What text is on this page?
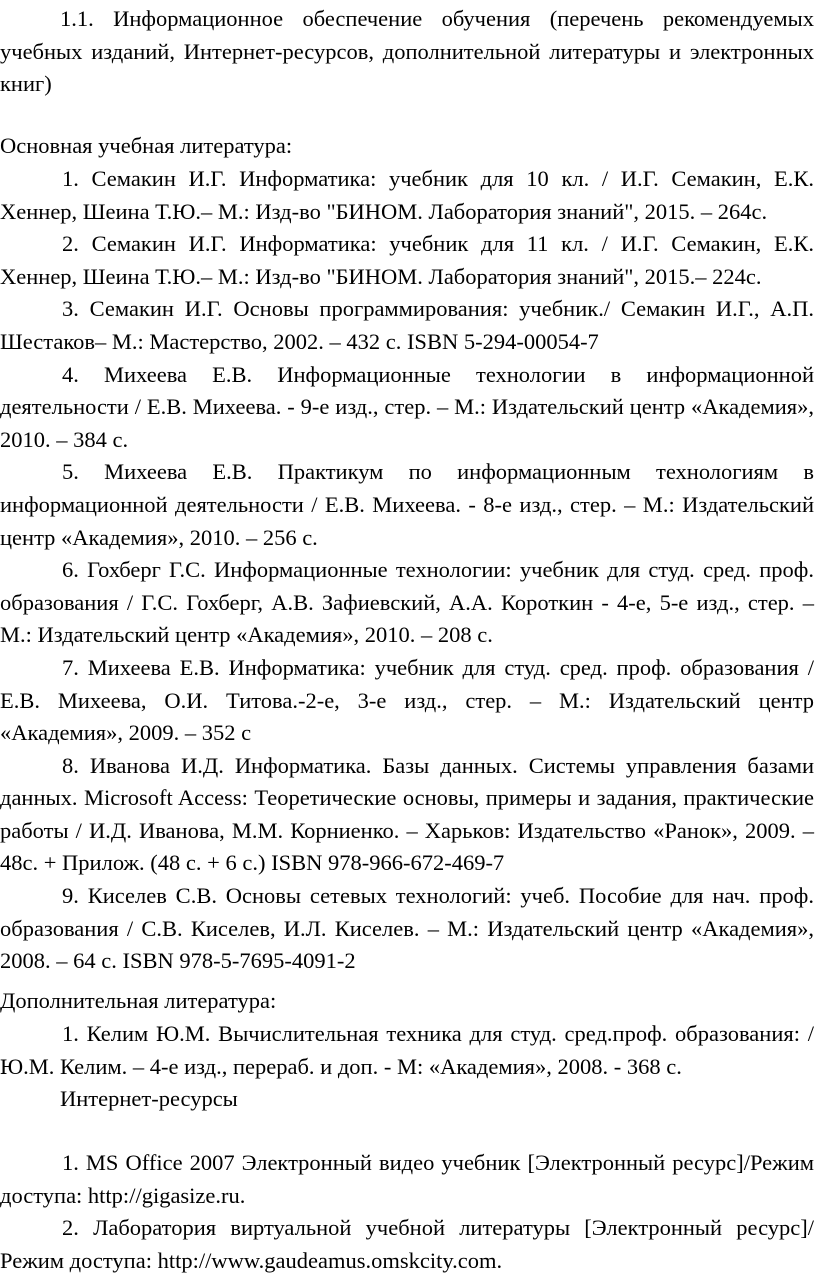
1.1. Информационное обеспечение обучения (перечень рекомендуемых учебных изданий, Интернет-ресурсов, дополнительной литературы и электронных книг)

Основная учебная литература:

1. Семакин И.Г. Информатика: учебник для 10 кл. / И.Г. Семакин, Е.К. Хеннер, Шеина Т.Ю.– М.: Изд-во "БИНОМ. Лаборатория знаний", 2015. – 264с.

2. Семакин И.Г. Информатика: учебник для 11 кл. / И.Г. Семакин, Е.К. Хеннер, Шеина Т.Ю.– М.: Изд-во "БИНОМ. Лаборатория знаний", 2015.– 224с.

3. Семакин И.Г. Основы программирования: учебник./ Семакин И.Г., А.П. Шестаков– М.: Мастерство, 2002. – 432 с. ISBN 5-294-00054-7

4. Михеева Е.В. Информационные технологии в информационной деятельности / Е.В. Михеева. - 9-е изд., стер. – М.: Издательский центр «Академия», 2010. – 384 с.

5. Михеева Е.В. Практикум по информационным технологиям в информационной деятельности / Е.В. Михеева. - 8-е изд., стер. – М.: Издательский центр «Академия», 2010. – 256 с.

6. Гохберг Г.С. Информационные технологии: учебник для студ. сред. проф. образования / Г.С. Гохберг, А.В. Зафиевский, А.А. Короткин - 4-е, 5-е изд., стер. – М.: Издательский центр «Академия», 2010. – 208 с.

7. Михеева Е.В. Информатика: учебник для студ. сред. проф. образования / Е.В. Михеева, О.И. Титова.-2-е, 3-е изд., стер. – М.: Издательский центр «Академия», 2009. – 352 с

8. Иванова И.Д. Информатика. Базы данных. Системы управления базами данных. Microsoft Access: Теоретические основы, примеры и задания, практические работы / И.Д. Иванова, М.М. Корниенко. – Харьков: Издательство «Ранок», 2009. – 48с. + Прилож. (48 с. + 6 с.) ISBN 978-966-672-469-7

9. Киселев С.В. Основы сетевых технологий: учеб. Пособие для нач. проф. образования / С.В. Киселев, И.Л. Киселев. – М.: Издательский центр «Академия», 2008. – 64 с. ISBN 978-5-7695-4091-2

Дополнительная литература:

1. Келим Ю.М. Вычислительная техника для студ. сред.проф. образования: /Ю.М. Келим. – 4-е изд., перераб. и доп. - М: «Академия», 2008. - 368 с.

Интернет-ресурсы

1. MS Office 2007 Электронный видео учебник [Электронный ресурс]/Режим доступа: http://gigasize.ru.

2. Лаборатория виртуальной учебной литературы [Электронный ресурс]/Режим доступа: http://www.gaudeamus.omskcity.com.
